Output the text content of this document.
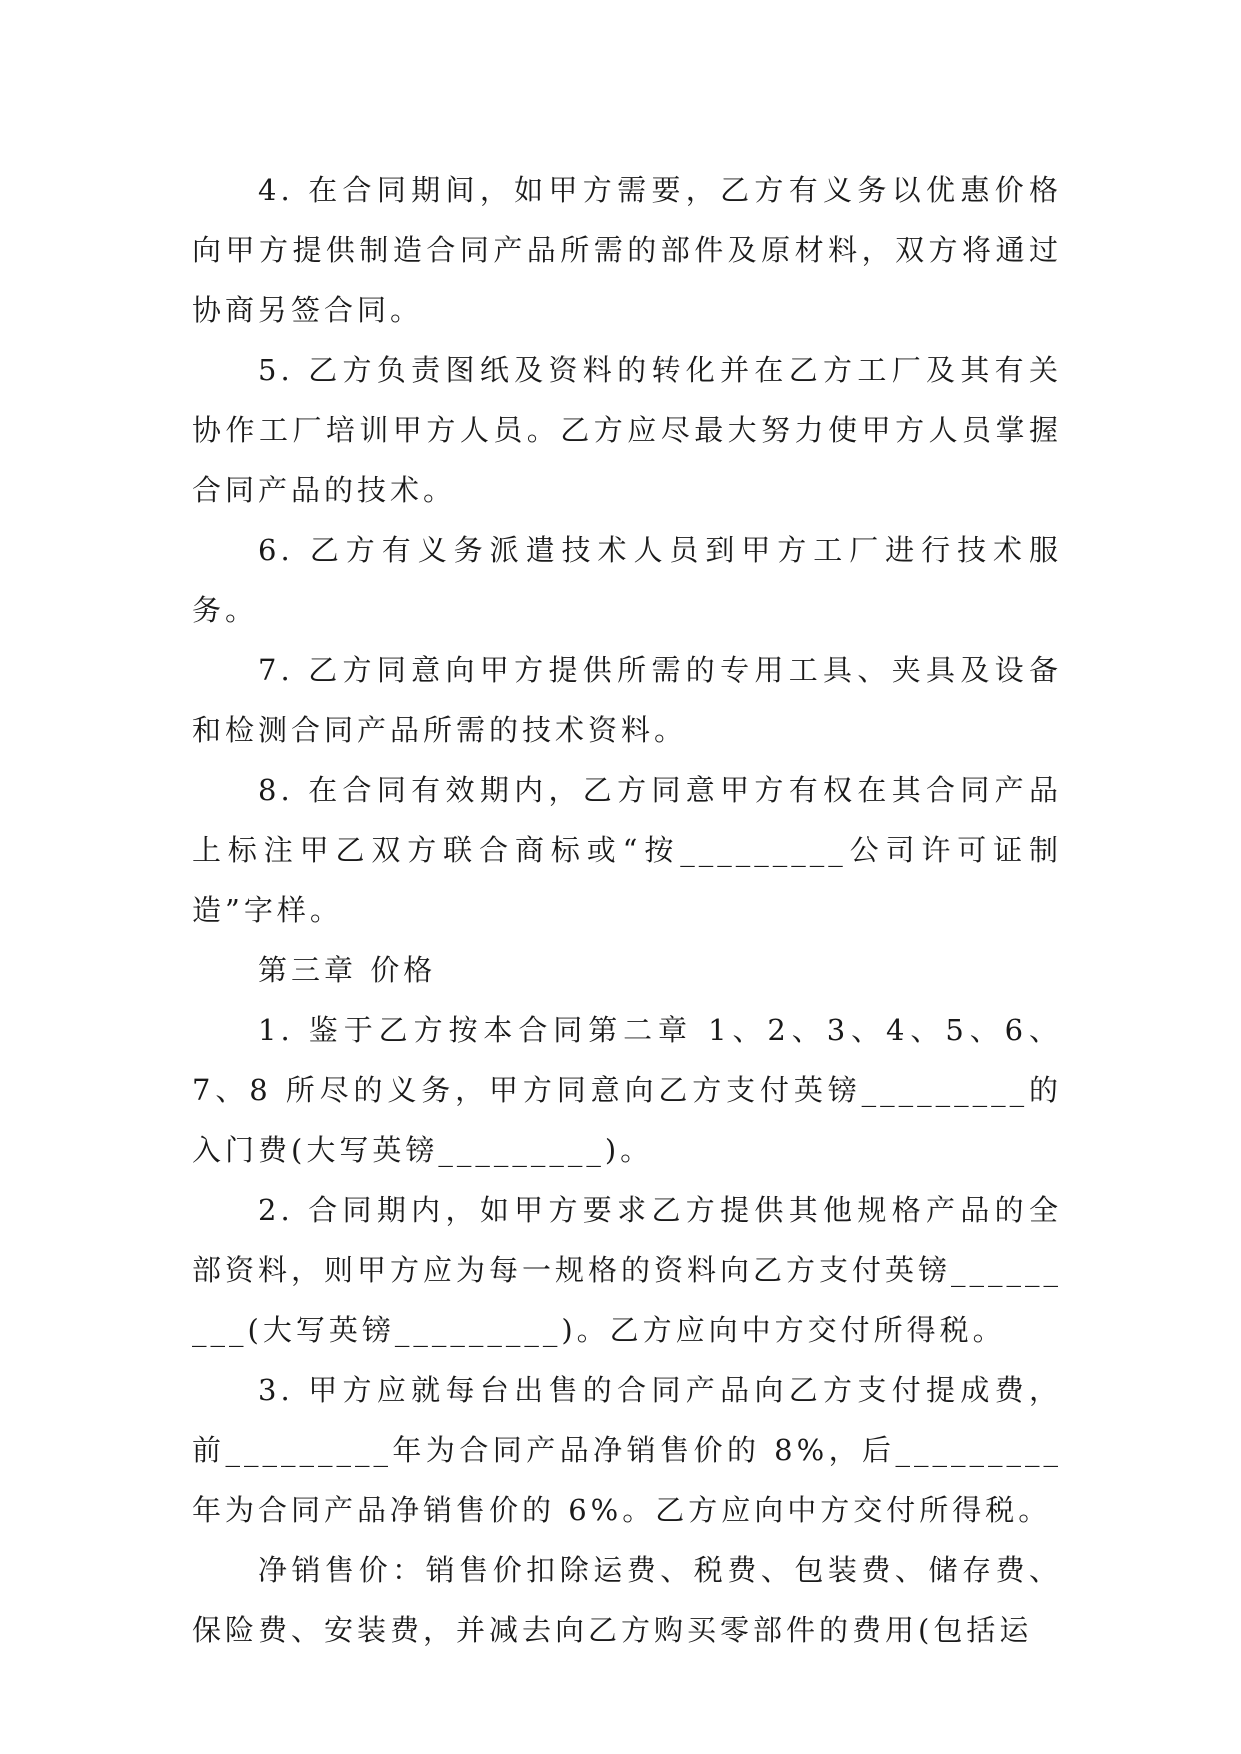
4. 在合同期间，如甲方需要，乙方有义务以优惠价格向甲方提供制造合同产品所需的部件及原材料，双方将通过协商另签合同。

5. 乙方负责图纸及资料的转化并在乙方工厂及其有关协作工厂培训甲方人员。乙方应尽最大努力使甲方人员掌握合同产品的技术。

6. 乙方有义务派遣技术人员到甲方工厂进行技术服务。

7. 乙方同意向甲方提供所需的专用工具、夹具及设备和检测合同产品所需的技术资料。

8. 在合同有效期内，乙方同意甲方有权在其合同产品上标注甲乙双方联合商标或“按_________公司许可证制造”字样。

第三章 价格

1. 鉴于乙方按本合同第二章 1、2、3、4、5、6、7、8 所尽的义务，甲方同意向乙方支付英镑_________的入门费(大写英镑_________)。

2. 合同期内，如甲方要求乙方提供其他规格产品的全部资料，则甲方应为每一规格的资料向乙方支付英镑_________(大写英镑_________)。乙方应向中方交付所得税。

3. 甲方应就每台出售的合同产品向乙方支付提成费，前_________年为合同产品净销售价的 8%，后_________年为合同产品净销售价的 6%。乙方应向中方交付所得税。

净销售价：销售价扣除运费、税费、包装费、储存费、保险费、安装费，并减去向乙方购买零部件的费用(包括运
